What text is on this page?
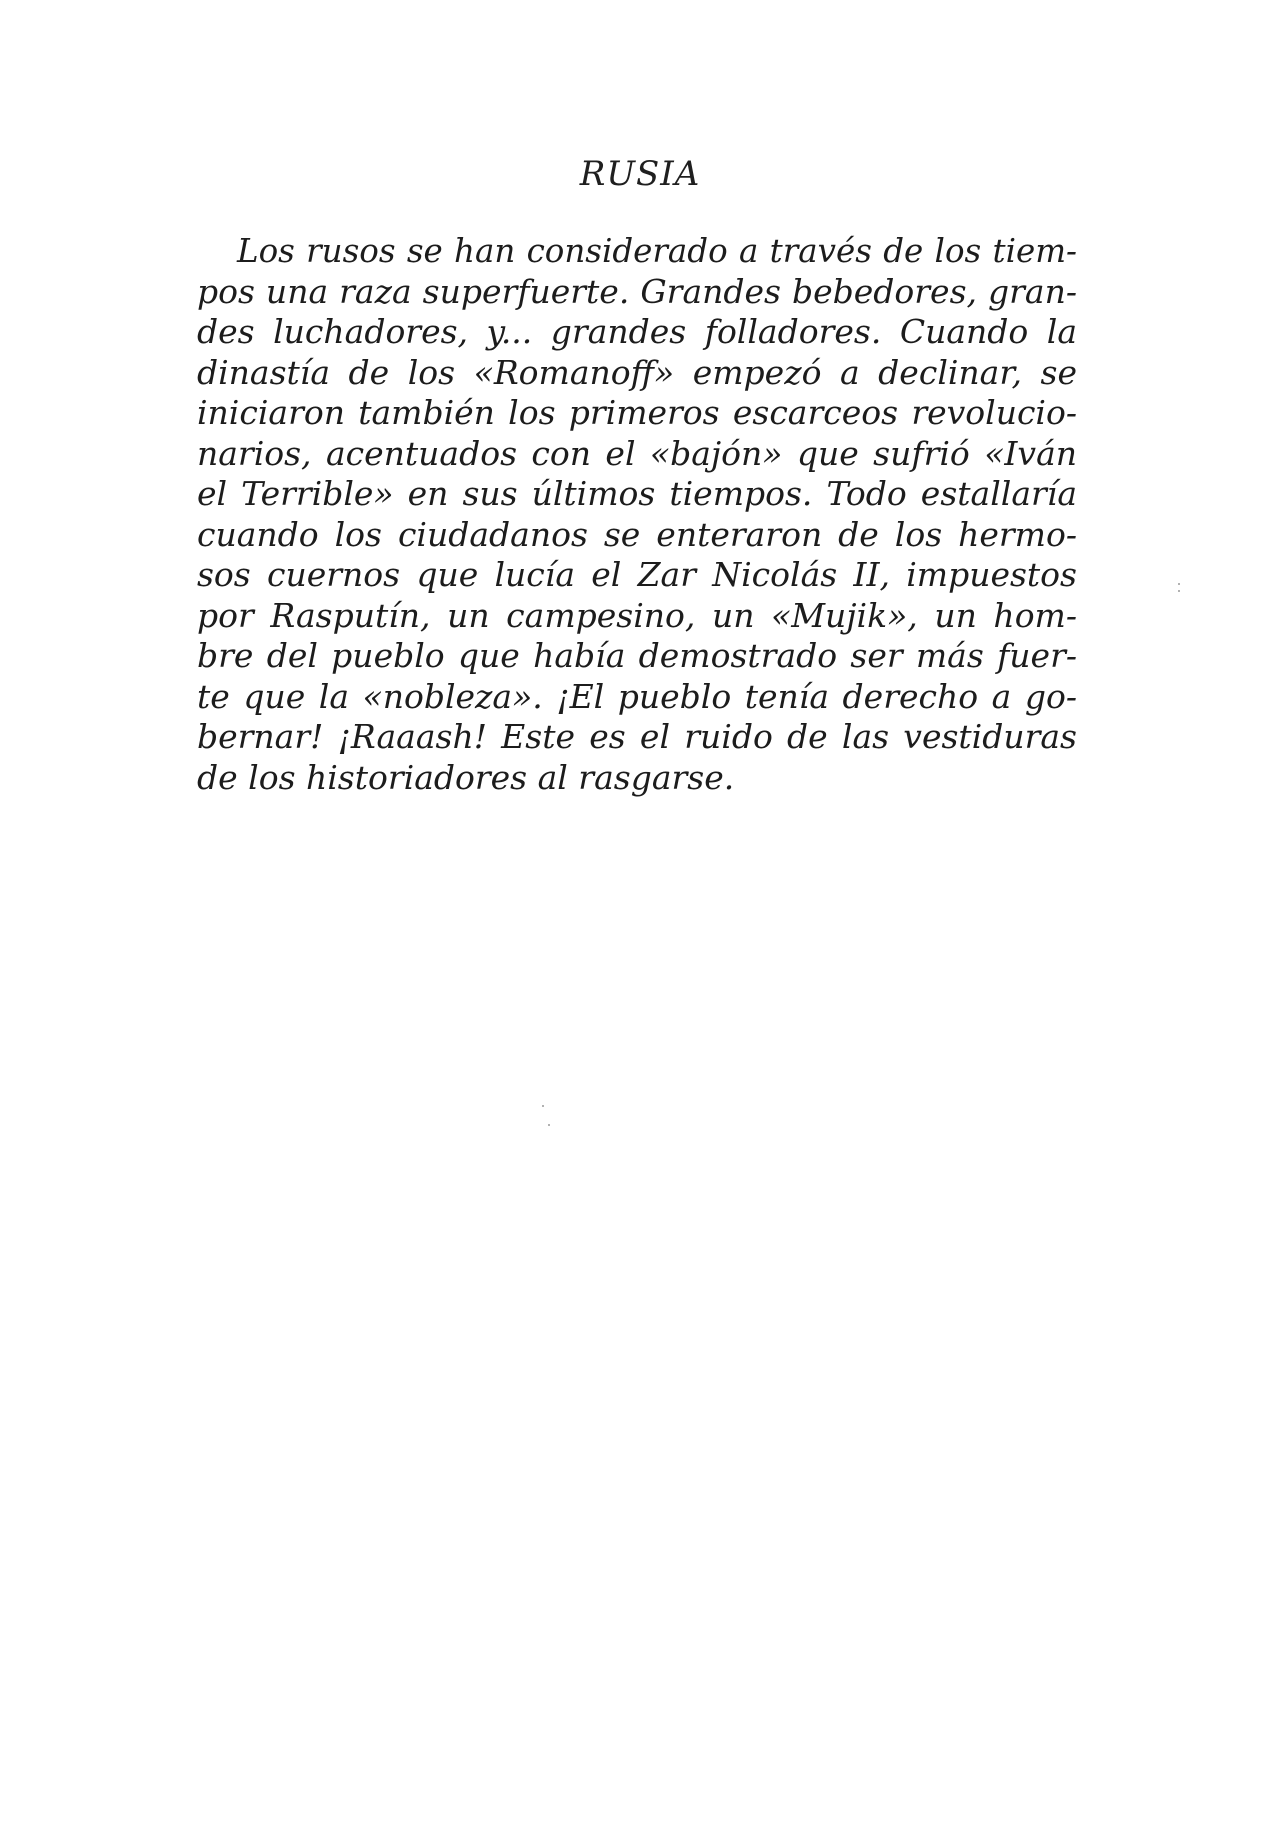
RUSIA
Los rusos se han considerado a través de los tiem-
pos una raza superfuerte. Grandes bebedores, gran-
des luchadores, y... grandes folladores. Cuando la
dinastía de los «Romanoff» empezó a declinar, se
iniciaron también los primeros escarceos revolucio-
narios, acentuados con el «bajón» que sufrió «Iván
el Terrible» en sus últimos tiempos. Todo estallaría
cuando los ciudadanos se enteraron de los hermo-
sos cuernos que lucía el Zar Nicolás II, impuestos
por Rasputín, un campesino, un «Mujik», un hom-
bre del pueblo que había demostrado ser más fuer-
te que la «nobleza». ¡El pueblo tenía derecho a go-
bernar! ¡Raaash! Este es el ruido de las vestiduras
de los historiadores al rasgarse.
